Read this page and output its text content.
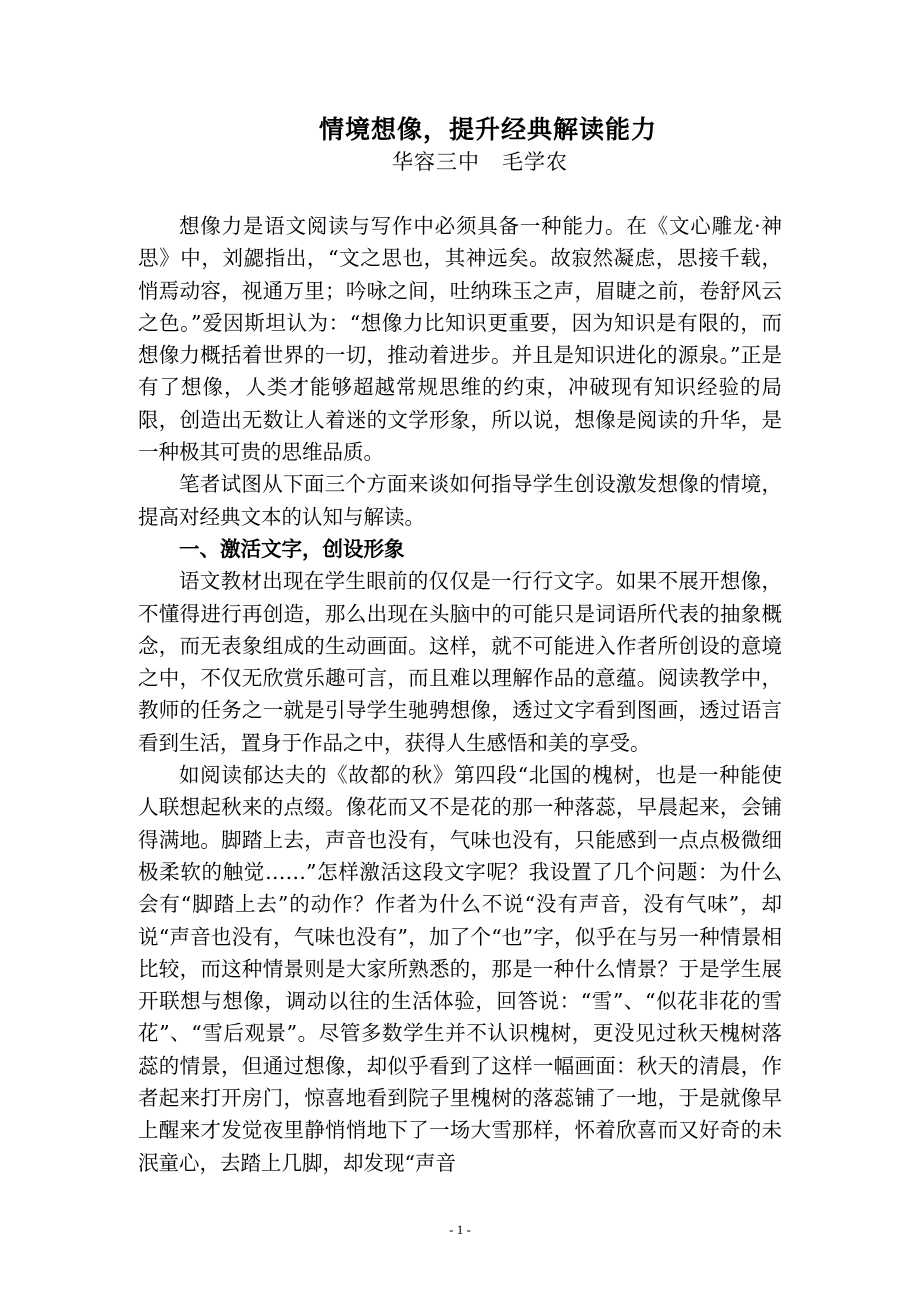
情境想像，提升经典解读能力
华容三中　毛学农

想像力是语文阅读与写作中必须具备一种能力。在《文心雕龙·神思》中，刘勰指出，“文之思也，其神远矣。故寂然凝虑，思接千载，悄焉动容，视通万里；吟咏之间，吐纳珠玉之声，眉睫之前，卷舒风云之色。”爱因斯坦认为：“想像力比知识更重要，因为知识是有限的，而想像力概括着世界的一切，推动着进步。并且是知识进化的源泉。”正是有了想像，人类才能够超越常规思维的约束，冲破现有知识经验的局限，创造出无数让人着迷的文学形象，所以说，想像是阅读的升华，是一种极其可贵的思维品质。

笔者试图从下面三个方面来谈如何指导学生创设激发想像的情境，提高对经典文本的认知与解读。

一、激活文字，创设形象

语文教材出现在学生眼前的仅仅是一行行文字。如果不展开想像，不懂得进行再创造，那么出现在头脑中的可能只是词语所代表的抽象概念，而无表象组成的生动画面。这样，就不可能进入作者所创设的意境之中，不仅无欣赏乐趣可言，而且难以理解作品的意蕴。阅读教学中，教师的任务之一就是引导学生驰骋想像，透过文字看到图画，透过语言看到生活，置身于作品之中，获得人生感悟和美的享受。

如阅读郁达夫的《故都的秋》第四段“北国的槐树，也是一种能使人联想起秋来的点缀。像花而又不是花的那一种落蕊，早晨起来，会铺得满地。脚踏上去，声音也没有，气味也没有，只能感到一点点极微细极柔软的触觉……”怎样激活这段文字呢？我设置了几个问题：为什么会有“脚踏上去”的动作？作者为什么不说“没有声音，没有气味”，却说“声音也没有，气味也没有”，加了个“也”字，似乎在与另一种情景相比较，而这种情景则是大家所熟悉的，那是一种什么情景？于是学生展开联想与想像，调动以往的生活体验，回答说：“雪”、“似花非花的雪花”、“雪后观景”。尽管多数学生并不认识槐树，更没见过秋天槐树落蕊的情景，但通过想像，却似乎看到了这样一幅画面：秋天的清晨，作者起来打开房门，惊喜地看到院子里槐树的落蕊铺了一地，于是就像早上醒来才发觉夜里静悄悄地下了一场大雪那样，怀着欣喜而又好奇的未泯童心，去踏上几脚，却发现“声音

- 1 -
